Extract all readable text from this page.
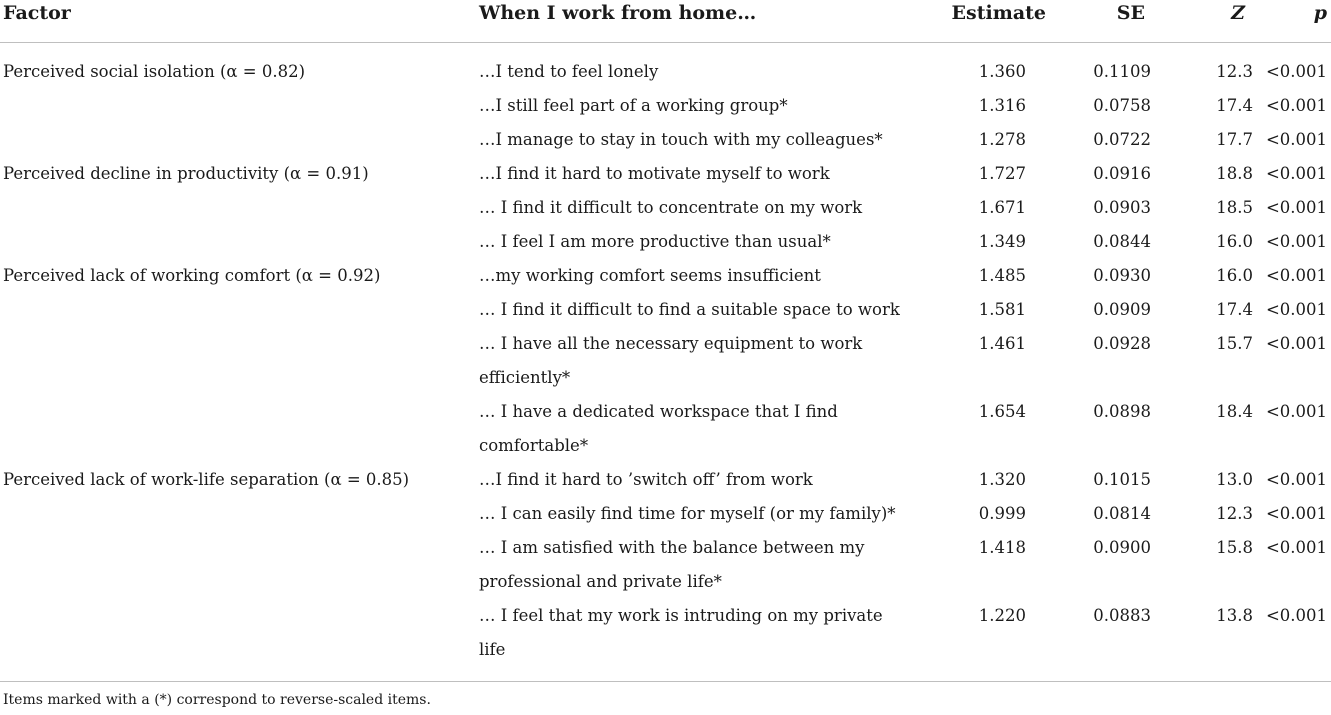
Factor	When I work from home…	Estimate	SE	Z	p
Perceived social isolation (α = 0.82)	…I tend to feel lonely	1.360	0.1109	12.3	<0.001
	…I still feel part of a working group*	1.316	0.0758	17.4	<0.001
	…I manage to stay in touch with my colleagues*	1.278	0.0722	17.7	<0.001
Perceived decline in productivity (α = 0.91)	…I find it hard to motivate myself to work	1.727	0.0916	18.8	<0.001
	… I find it difficult to concentrate on my work	1.671	0.0903	18.5	<0.001
	… I feel I am more productive than usual*	1.349	0.0844	16.0	<0.001
Perceived lack of working comfort (α = 0.92)	…my working comfort seems insufficient	1.485	0.0930	16.0	<0.001
	… I find it difficult to find a suitable space to work	1.581	0.0909	17.4	<0.001
	… I have all the necessary equipment to work efficiently*	1.461	0.0928	15.7	<0.001
	… I have a dedicated workspace that I find comfortable*	1.654	0.0898	18.4	<0.001
Perceived lack of work-life separation (α = 0.85)	…I find it hard to ’switch off’ from work	1.320	0.1015	13.0	<0.001
	… I can easily find time for myself (or my family)*	0.999	0.0814	12.3	<0.001
	… I am satisfied with the balance between my professional and private life*	1.418	0.0900	15.8	<0.001
	… I feel that my work is intruding on my private life	1.220	0.0883	13.8	<0.001
Items marked with a (*) correspond to reverse-scaled items.
